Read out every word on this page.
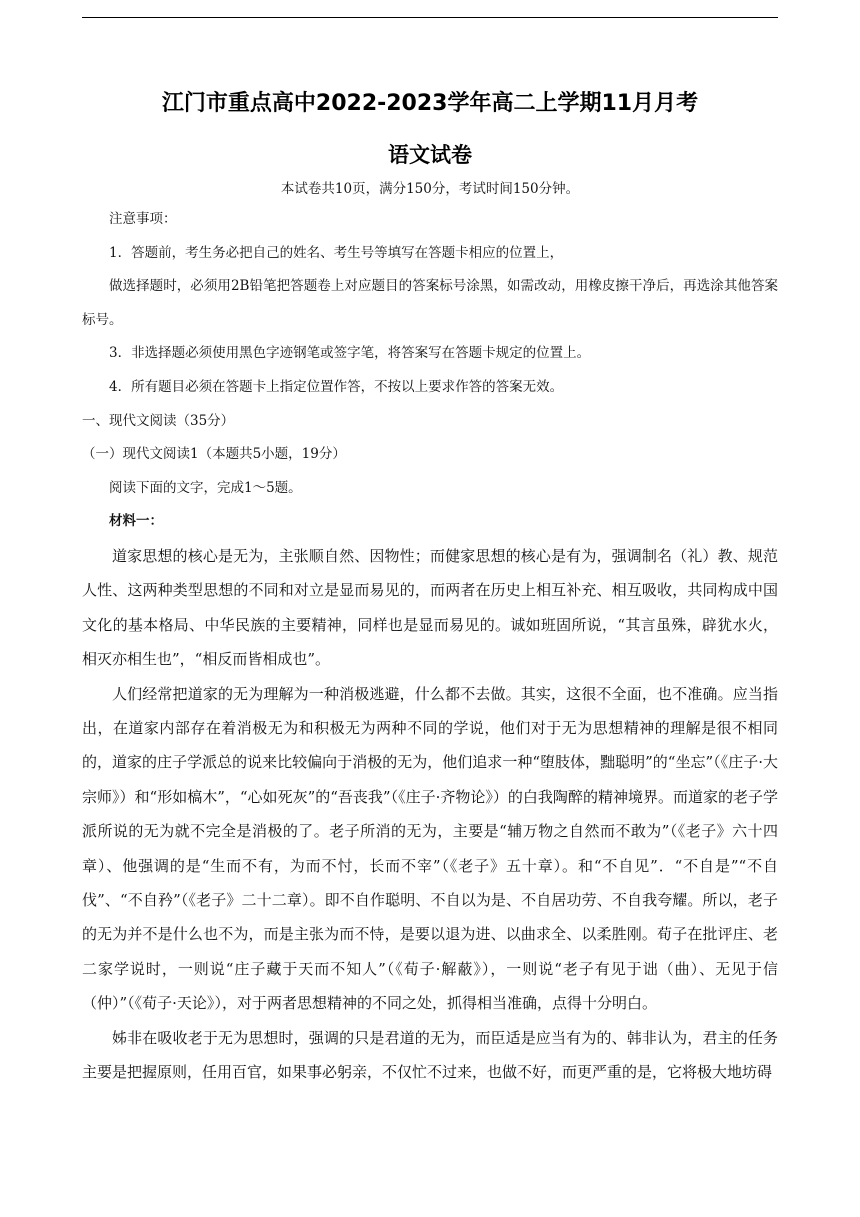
江门市重点高中2022-2023学年高二上学期11月月考
语文试卷
本试卷共10页，满分150分，考试时间150分钟。

注意事项：

1．答题前，考生务必把自己的姓名、考生号等填写在答题卡相应的位置上，

做选择题时，必须用2B铅笔把答题卷上对应题目的答案标号涂黑，如需改动，用橡皮擦干净后，再选涂其他答案标号。

3．非选择题必须使用黑色字迹钢笔或签字笔，将答案写在答题卡规定的位置上。

4．所有题目必须在答题卡上指定位置作答，不按以上要求作答的答案无效。

一、现代文阅读（35分）

（一）现代文阅读1（本题共5小题，19分）

阅读下面的文字，完成1～5题。

材料一：

道家思想的核心是无为，主张顺自然、因物性；而健家思想的核心是有为，强调制名（礼）教、规范人性、这两种类型思想的不同和对立是显而易见的，而两者在历史上相互补充、相互吸收，共同构成中国文化的基本格局、中华民族的主要精神，同样也是显而易见的。诚如班固所说，“其言虽殊，辟犹水火，相灭亦相生也”，“相反而皆相成也”。

人们经常把道家的无为理解为一种消极逃避，什么都不去做。其实，这很不全面，也不准确。应当指出，在道家内部存在着消极无为和积极无为两种不同的学说，他们对于无为思想精神的理解是很不相同的，道家的庄子学派总的说来比较偏向于消极的无为，他们追求一种“堕肢体，黜聪明”的“坐忘”（《庄子·大宗师》）和“形如槁木”，“心如死灰”的“吾丧我”（《庄子·齐物论》）的白我陶醉的精神境界。而道家的老子学派所说的无为就不完全是消极的了。老子所消的无为，主要是“辅万物之自然而不敢为”（《老子》六十四章）、他强调的是“生而不有，为而不忖，长而不宰”（《老子》五十章）。和“不自见”．“不自是”“不自伐”、“不自矜”（《老子》二十二章）。即不自作聪明、不自以为是、不自居功劳、不自我夸耀。所以，老子的无为并不是什么也不为，而是主张为而不恃，是要以退为进、以曲求全、以柔胜刚。荀子在批评庄、老二家学说时，一则说“庄子藏于天而不知人”（《荀子·解蔽》），一则说“老子有见于诎（曲）、无见于信（仲）”（《荀子·天论》），对于两者思想精神的不同之处，抓得相当准确，点得十分明白。

姊非在吸收老于无为思想时，强调的只是君道的无为，而臣适是应当有为的、韩非认为，君主的任务主要是把握原则，任用百官，如果事必躬亲，不仅忙不过来，也做不好，而更严重的是，它将极大地坊碍
